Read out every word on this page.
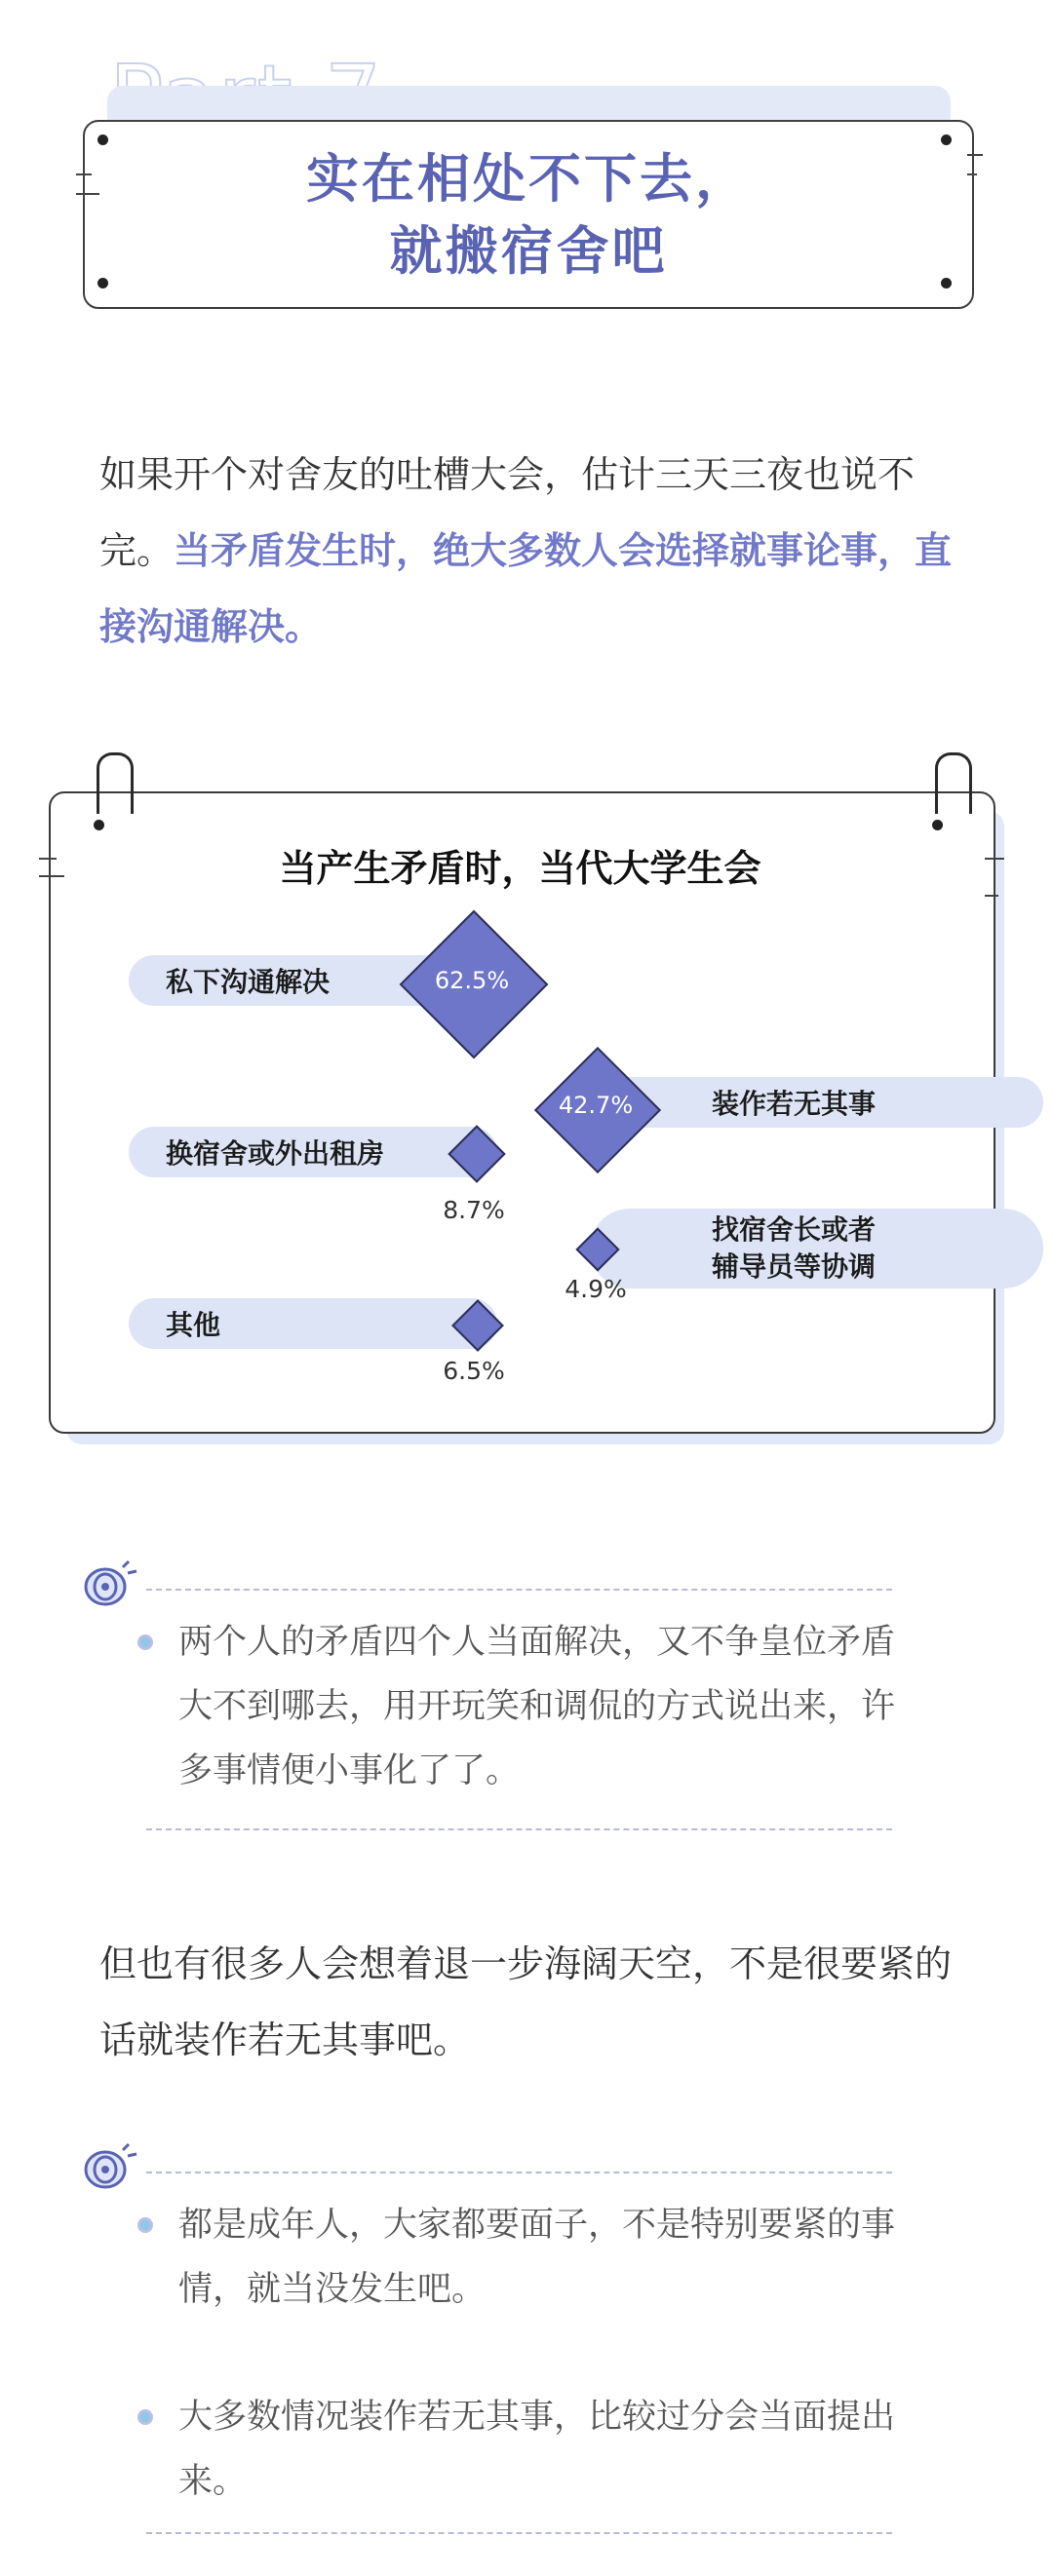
实在相处不下去，
就搬宿舍吧
如果开个对舍友的吐槽大会，估计三天三夜也说不完。当矛盾发生时，绝大多数人会选择就事论事，直接沟通解决。
当产生矛盾时，当代大学生会
私下沟通解决	62.5%
装作若无其事
42.7%
换宿舍或外出租房
8.7%
找宿舍长或者
辅导员等协调
4.9%
其他
6.5%
两个人的矛盾四个人当面解决，又不争皇位矛盾大不到哪去，用开玩笑和调侃的方式说出来，许多事情便小事化了了。
但也有很多人会想着退一步海阔天空，不是很要紧的话就装作若无其事吧。
都是成年人，大家都要面子，不是特别要紧的事情，就当没发生吧。
大多数情况装作若无其事，比较过分会当面提出来。
